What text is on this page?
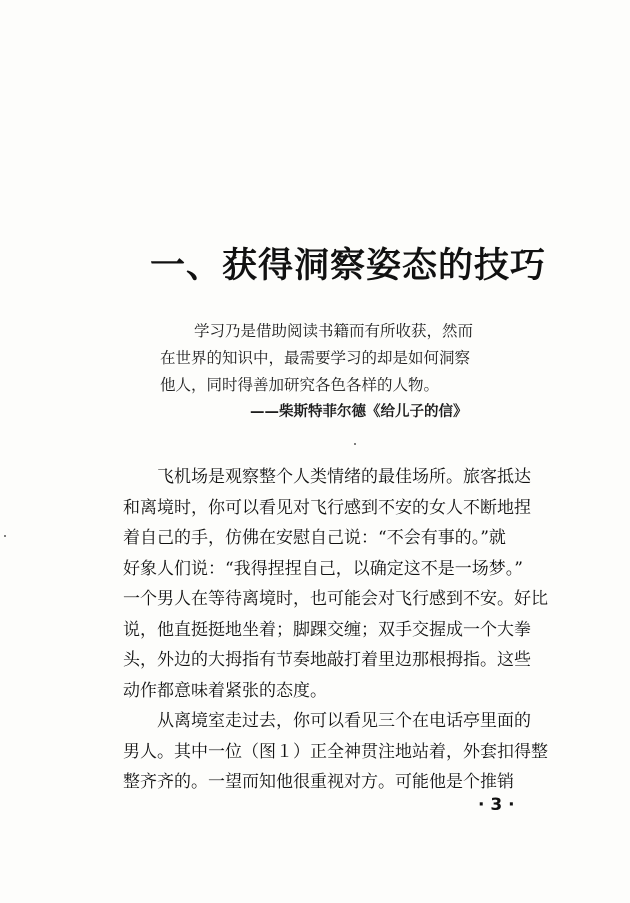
一、获得洞察姿态的技巧
学习乃是借助阅读书籍而有所收获，然而
在世界的知识中，最需要学习的却是如何洞察
他人，同时得善加研究各色各样的人物。
——柴斯特菲尔德《给儿子的信》
飞机场是观察整个人类情绪的最佳场所。旅客抵达
和离境时，你可以看见对飞行感到不安的女人不断地捏
着自己的手，仿佛在安慰自己说：“不会有事的。”就
好象人们说：“我得捏捏自己，以确定这不是一场梦。”
一个男人在等待离境时，也可能会对飞行感到不安。好比
说，他直挺挺地坐着；脚踝交缠；双手交握成一个大拳
头，外边的大拇指有节奏地敲打着里边那根拇指。这些
动作都意味着紧张的态度。
从离境室走过去，你可以看见三个在电话亭里面的
男人。其中一位（图１）正全神贯注地站着，外套扣得整
整齐齐的。一望而知他很重视对方。可能他是个推销
· 3 ·
